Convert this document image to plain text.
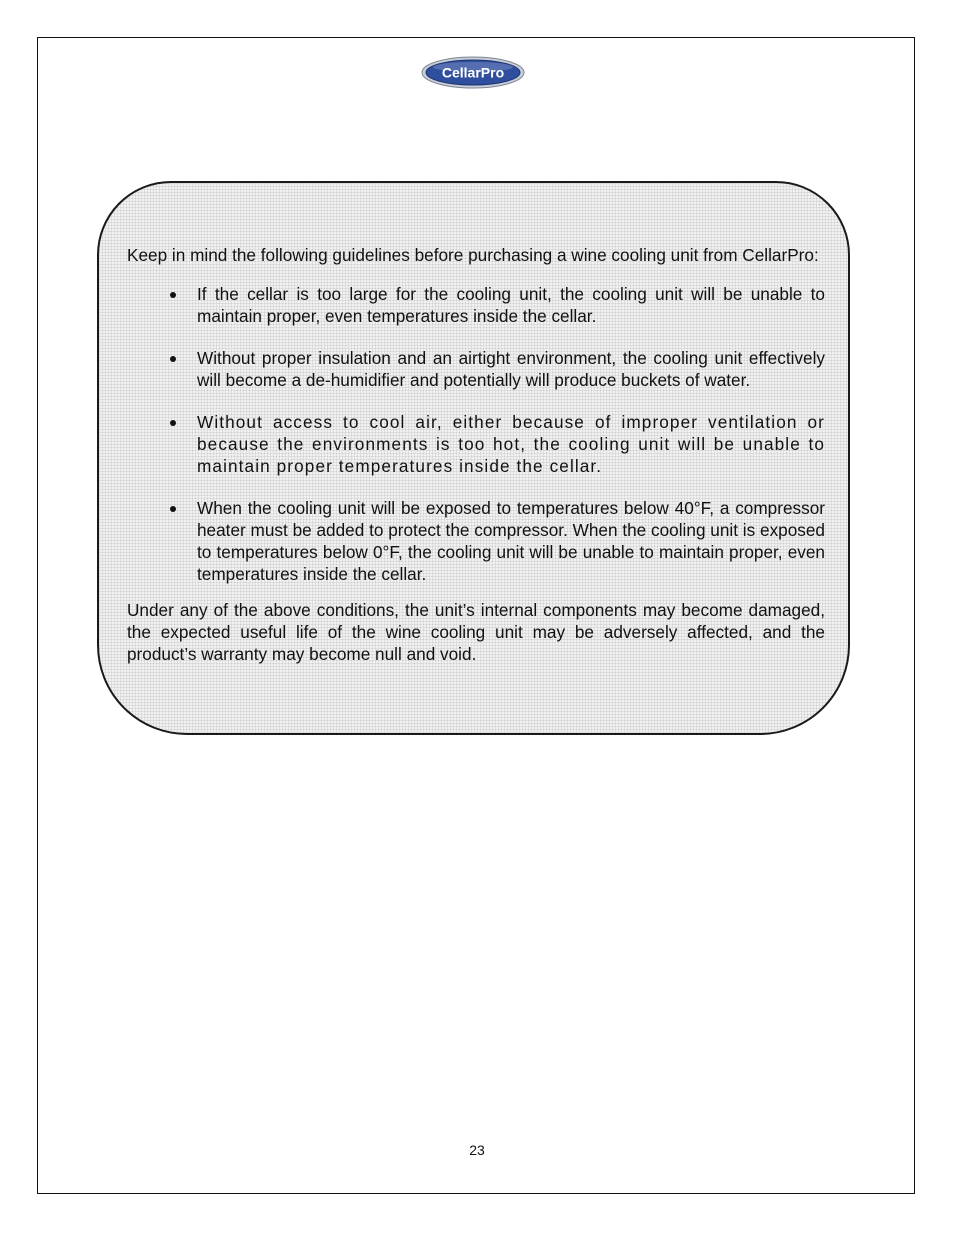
CellarPro

Keep in mind the following guidelines before purchasing a wine cooling unit from CellarPro:

If the cellar is too large for the cooling unit, the cooling unit will be unable to maintain proper, even temperatures inside the cellar.
Without proper insulation and an airtight environment, the cooling unit effectively will become a de-humidifier and potentially will produce buckets of water.
Without access to cool air, either because of improper ventilation or because the environments is too hot, the cooling unit will be unable to maintain proper temperatures inside the cellar.
When the cooling unit will be exposed to temperatures below 40°F, a compressor heater must be added to protect the compressor. When the cooling unit is exposed to temperatures below 0°F, the cooling unit will be unable to maintain proper, even temperatures inside the cellar.

Under any of the above conditions, the unit’s internal components may become damaged, the expected useful life of the wine cooling unit may be adversely affected, and the product’s warranty may become null and void.

23
